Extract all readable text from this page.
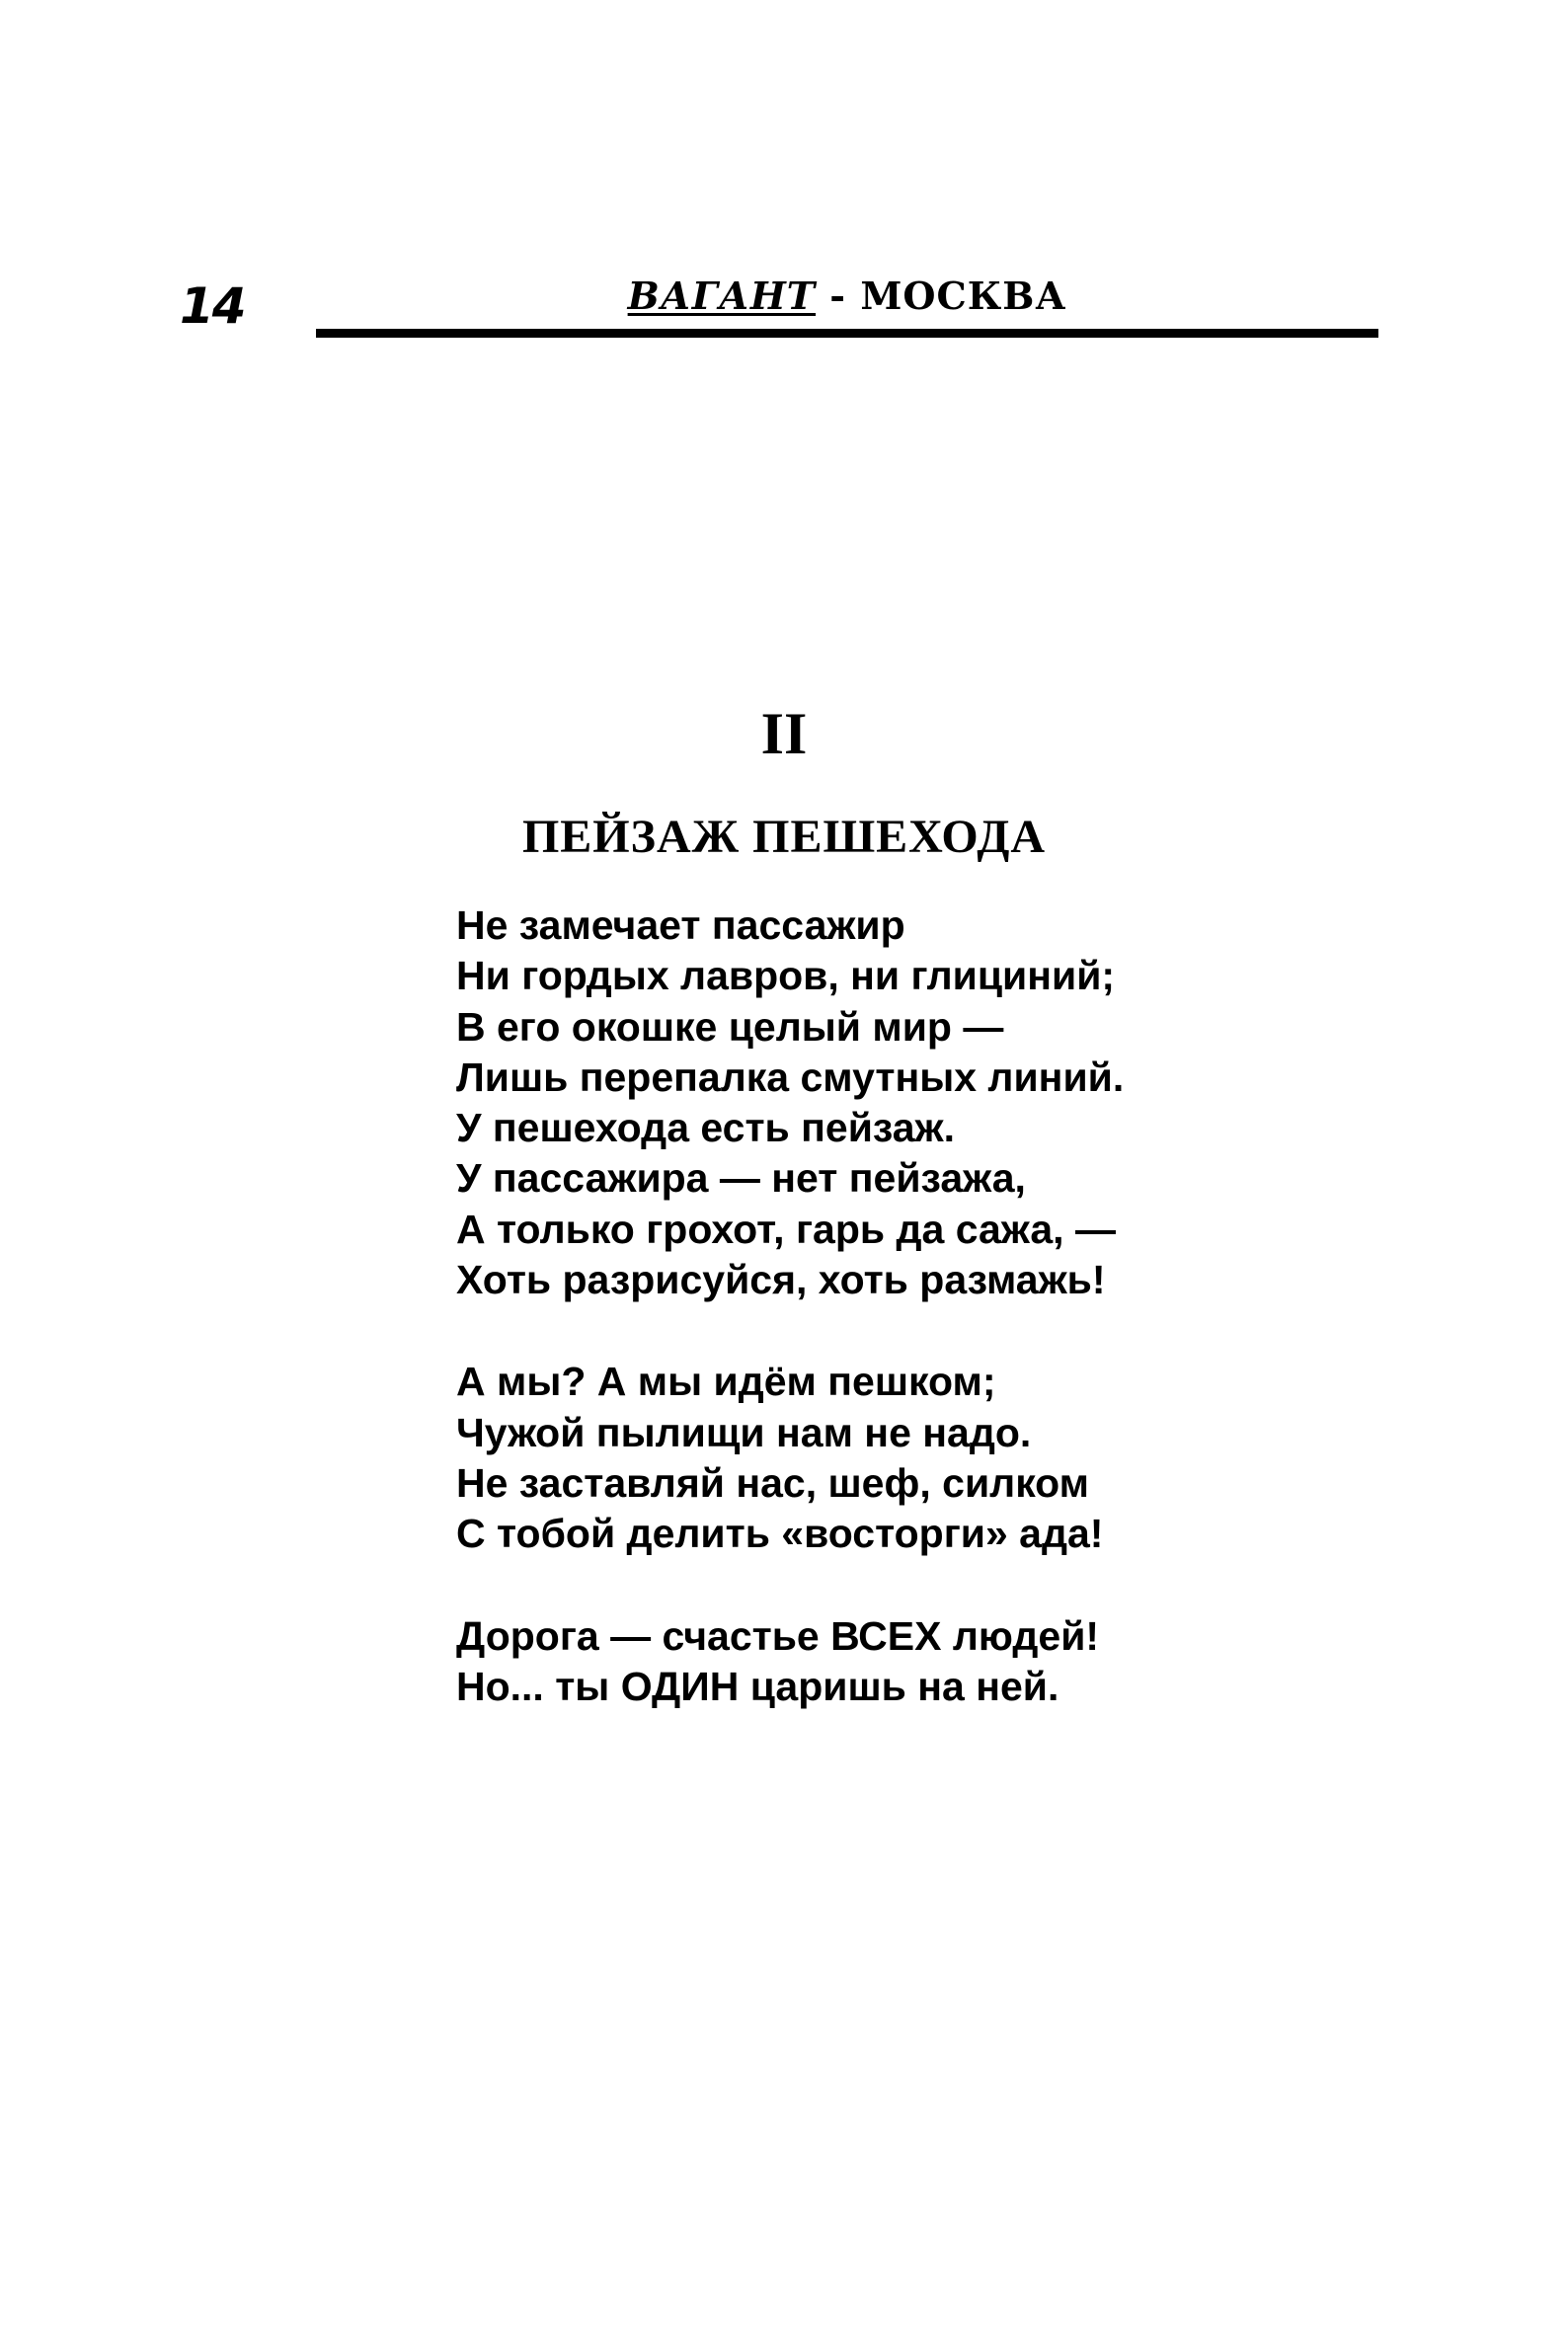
14	ВАГАНТ - МОСКВА
II
ПЕЙЗАЖ ПЕШЕХОДА
Не замечает пассажир
Ни гордых лавров, ни глициний;
В его окошке целый мир —
Лишь перепалка смутных линий.
У пешехода есть пейзаж.
У пассажира — нет пейзажа,
А только грохот, гарь да сажа, —
Хоть разрисуйся, хоть размажь!
А мы? А мы идём пешком;
Чужой пылищи нам не надо.
Не заставляй нас, шеф, силком
С тобой делить «восторги» ада!
Дорога — счастье ВСЕХ людей!
Но... ты ОДИН царишь на ней.
